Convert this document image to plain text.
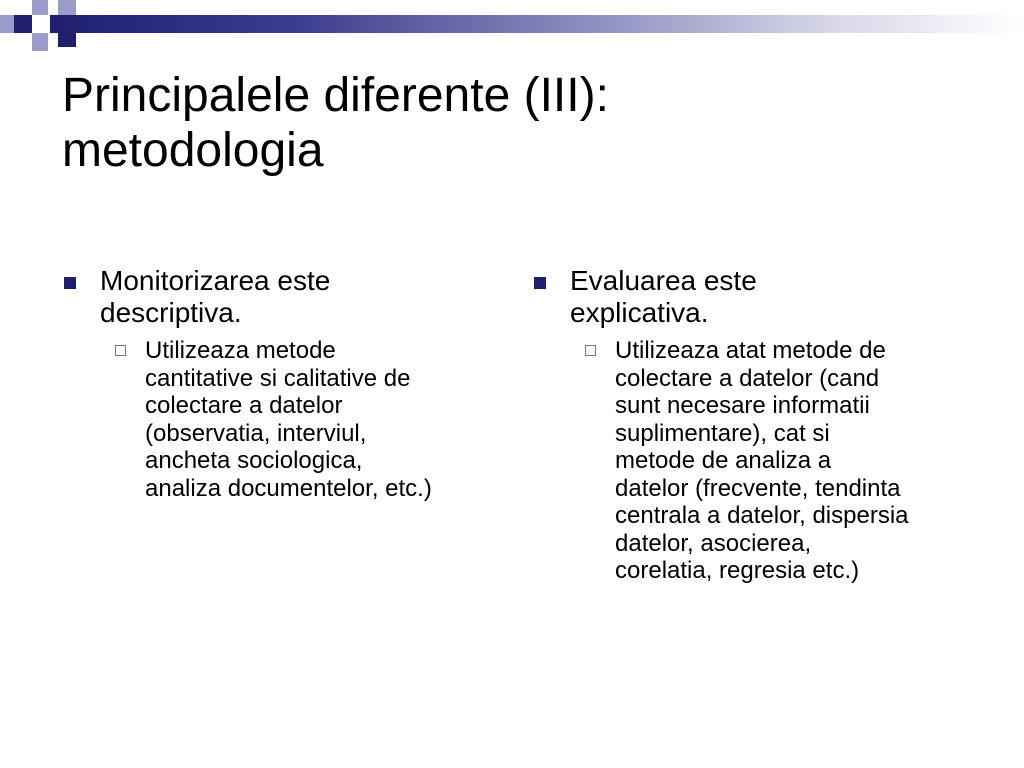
Principalele diferente (III):
metodologia
Monitorizarea este
descriptiva.
Utilizeaza metode
cantitative si calitative de
colectare a datelor
(observatia, interviul,
ancheta sociologica,
analiza documentelor, etc.)
Evaluarea este
explicativa.
Utilizeaza atat metode de
colectare a datelor (cand
sunt necesare informatii
suplimentare), cat si
metode de analiza a
datelor (frecvente, tendinta
centrala a datelor, dispersia
datelor, asocierea,
corelatia, regresia etc.)
